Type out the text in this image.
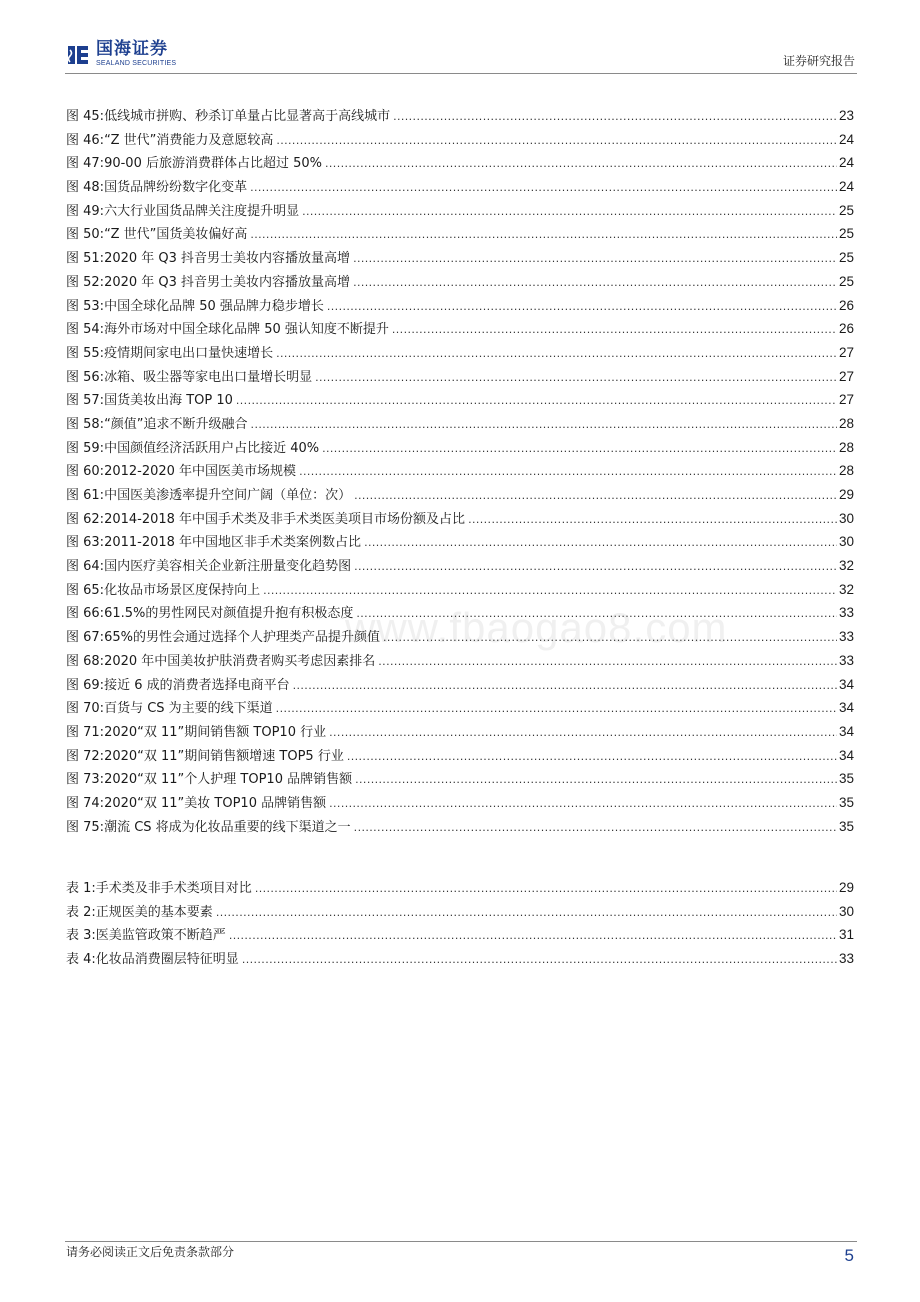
国海证券
SEALAND SECURITIES	证券研究报告
图 45: 低线城市拼购、秒杀订单量占比显著高于高线城市 .....	23
图 46: “Z 世代”消费能力及意愿较高 .....	24
图 47: 90-00 后旅游消费群体占比超过 50% .....	24
图 48: 国货品牌纷纷数字化变革 .....	24
图 49: 六大行业国货品牌关注度提升明显 .....	25
图 50: “Z 世代”国货美妆偏好高 .....	25
图 51: 2020 年 Q3 抖音男士美妆内容播放量高增 .....	25
图 52: 2020 年 Q3 抖音男士美妆内容播放量高增 .....	25
图 53: 中国全球化品牌 50 强品牌力稳步增长 .....	26
图 54: 海外市场对中国全球化品牌 50 强认知度不断提升 .....	26
图 55: 疫情期间家电出口量快速增长 .....	27
图 56: 冰箱、吸尘器等家电出口量增长明显 .....	27
图 57: 国货美妆出海 TOP 10 .....	27
图 58: “颜值”追求不断升级融合 .....	28
图 59: 中国颜值经济活跃用户占比接近 40% .....	28
图 60: 2012-2020 年中国医美市场规模 .....	28
图 61: 中国医美渗透率提升空间广阔（单位：次） .....	29
图 62: 2014-2018 年中国手术类及非手术类医美项目市场份额及占比 .....	30
图 63: 2011-2018 年中国地区非手术类案例数占比 .....	30
图 64: 国内医疗美容相关企业新注册量变化趋势图 .....	32
图 65: 化妆品市场景区度保持向上 .....	32
图 66: 61.5%的男性网民对颜值提升抱有积极态度 .....	33
图 67: 65%的男性会通过选择个人护理类产品提升颜值 .....	33
图 68: 2020 年中国美妆护肤消费者购买考虑因素排名 .....	33
图 69: 接近 6 成的消费者选择电商平台 .....	34
图 70: 百货与 CS 为主要的线下渠道 .....	34
图 71: 2020“双 11”期间销售额 TOP10 行业 .....	34
图 72: 2020“双 11”期间销售额增速 TOP5 行业 .....	34
图 73: 2020“双 11”个人护理 TOP10 品牌销售额 .....	35
图 74: 2020“双 11”美妆 TOP10 品牌销售额 .....	35
图 75: 潮流 CS 将成为化妆品重要的线下渠道之一 .....	35
表 1: 手术类及非手术类项目对比 .....	29
表 2: 正规医美的基本要素 .....	30
表 3: 医美监管政策不断趋严 .....	31
表 4: 化妆品消费圈层特征明显 .....	33
www.fbaogao8.com
请务必阅读正文后免责条款部分	5
